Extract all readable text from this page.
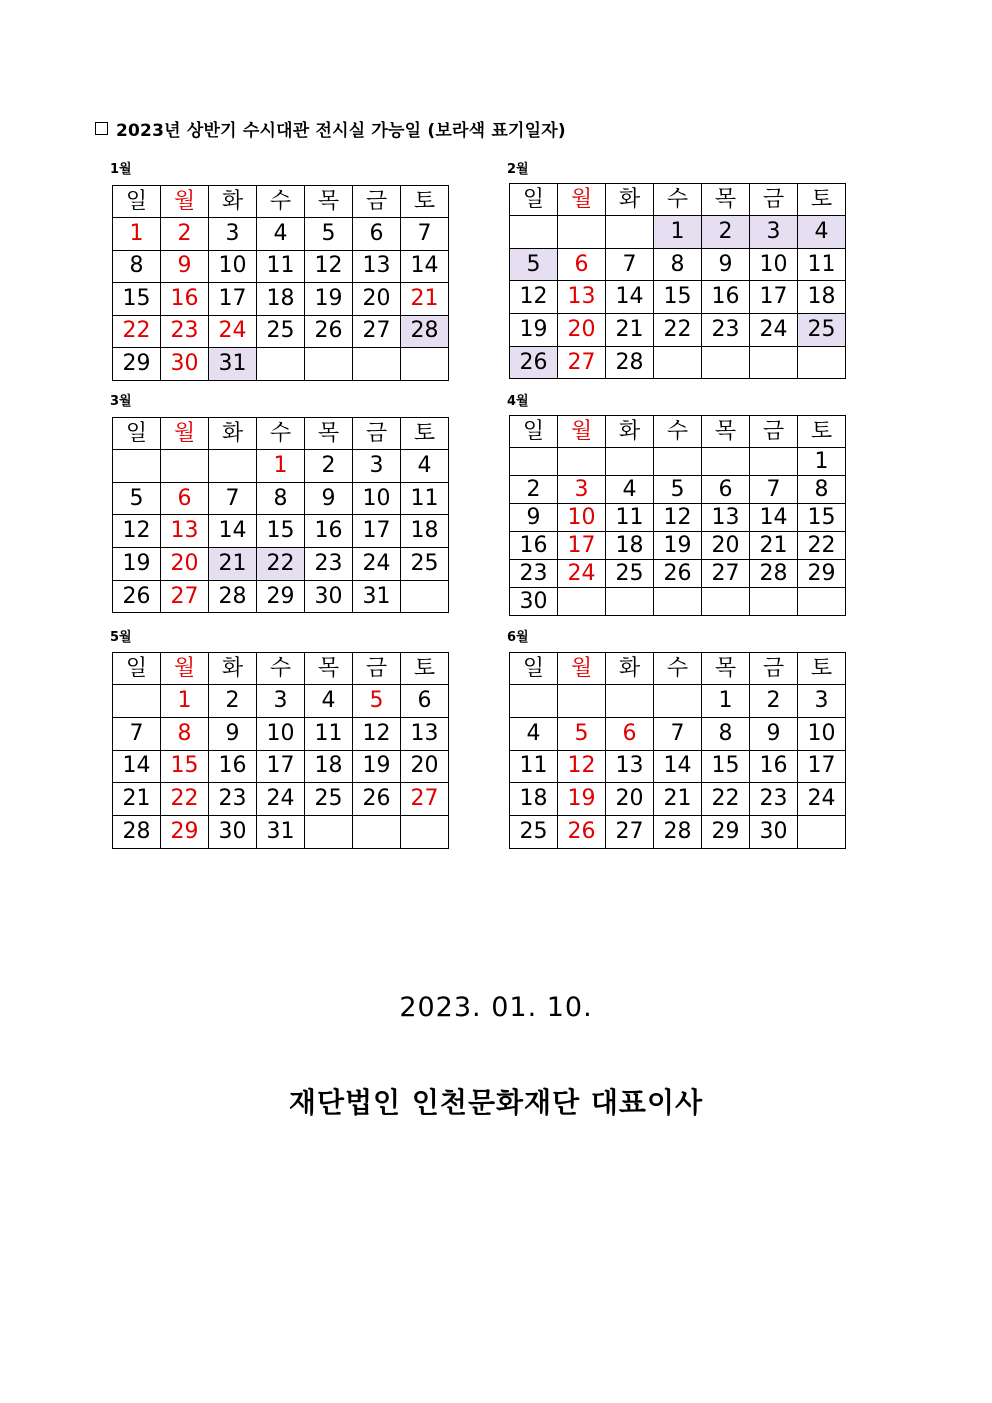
2023년 상반기 수시대관 전시실 가능일 (보라색 표기일자)
1월
일	월	화	수	목	금	토
1	2	3	4	5	6	7
8	9	10	11	12	13	14
15	16	17	18	19	20	21
22	23	24	25	26	27	28
29	30	31				
2월
일	월	화	수	목	금	토
			1	2	3	4
5	6	7	8	9	10	11
12	13	14	15	16	17	18
19	20	21	22	23	24	25
26	27	28				
3월
일	월	화	수	목	금	토
			1	2	3	4
5	6	7	8	9	10	11
12	13	14	15	16	17	18
19	20	21	22	23	24	25
26	27	28	29	30	31	
4월
일	월	화	수	목	금	토
						1
2	3	4	5	6	7	8
9	10	11	12	13	14	15
16	17	18	19	20	21	22
23	24	25	26	27	28	29
30						
5월
일	월	화	수	목	금	토
	1	2	3	4	5	6
7	8	9	10	11	12	13
14	15	16	17	18	19	20
21	22	23	24	25	26	27
28	29	30	31			
6월
일	월	화	수	목	금	토
				1	2	3
4	5	6	7	8	9	10
11	12	13	14	15	16	17
18	19	20	21	22	23	24
25	26	27	28	29	30	
2023. 01. 10.
재단법인 인천문화재단 대표이사
